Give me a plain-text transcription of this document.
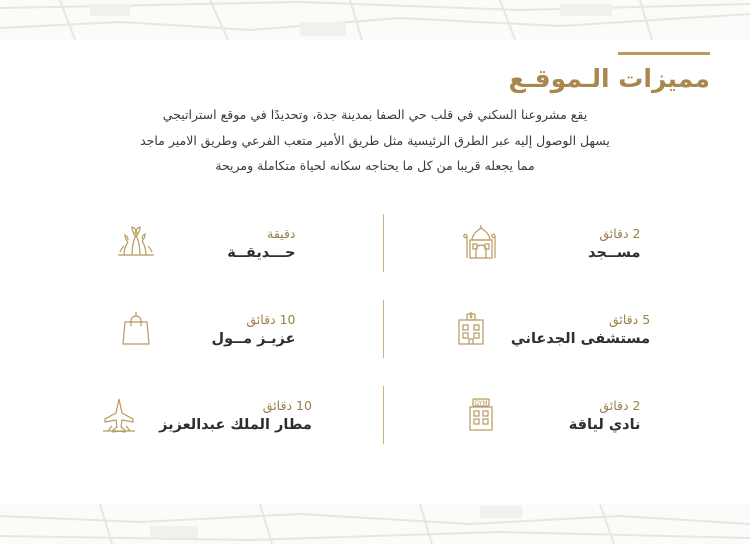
مميزات الـموقـع
يقع مشروعنا السكني في قلب حي الصفا بمدينة جدة، وتحديدًا في موقع استراتيجي
يسهل الوصول إليه عبر الطرق الرئيسية مثل طريق الأمير متعب الفرعي وطريق الامير ماجد
مما يجعله قريبا من كل ما يحتاجه سكانه لحياة متكاملة ومريحة
2 دقائق
مســجد
دقيقة
حـــديقــة
5 دقائق
مستشفى الجدعاني
10 دقائق
عزيـز مــول
2 دقائق
نادي لياقة
GYM
10 دقائق
مطار الملك عبدالعزيز
